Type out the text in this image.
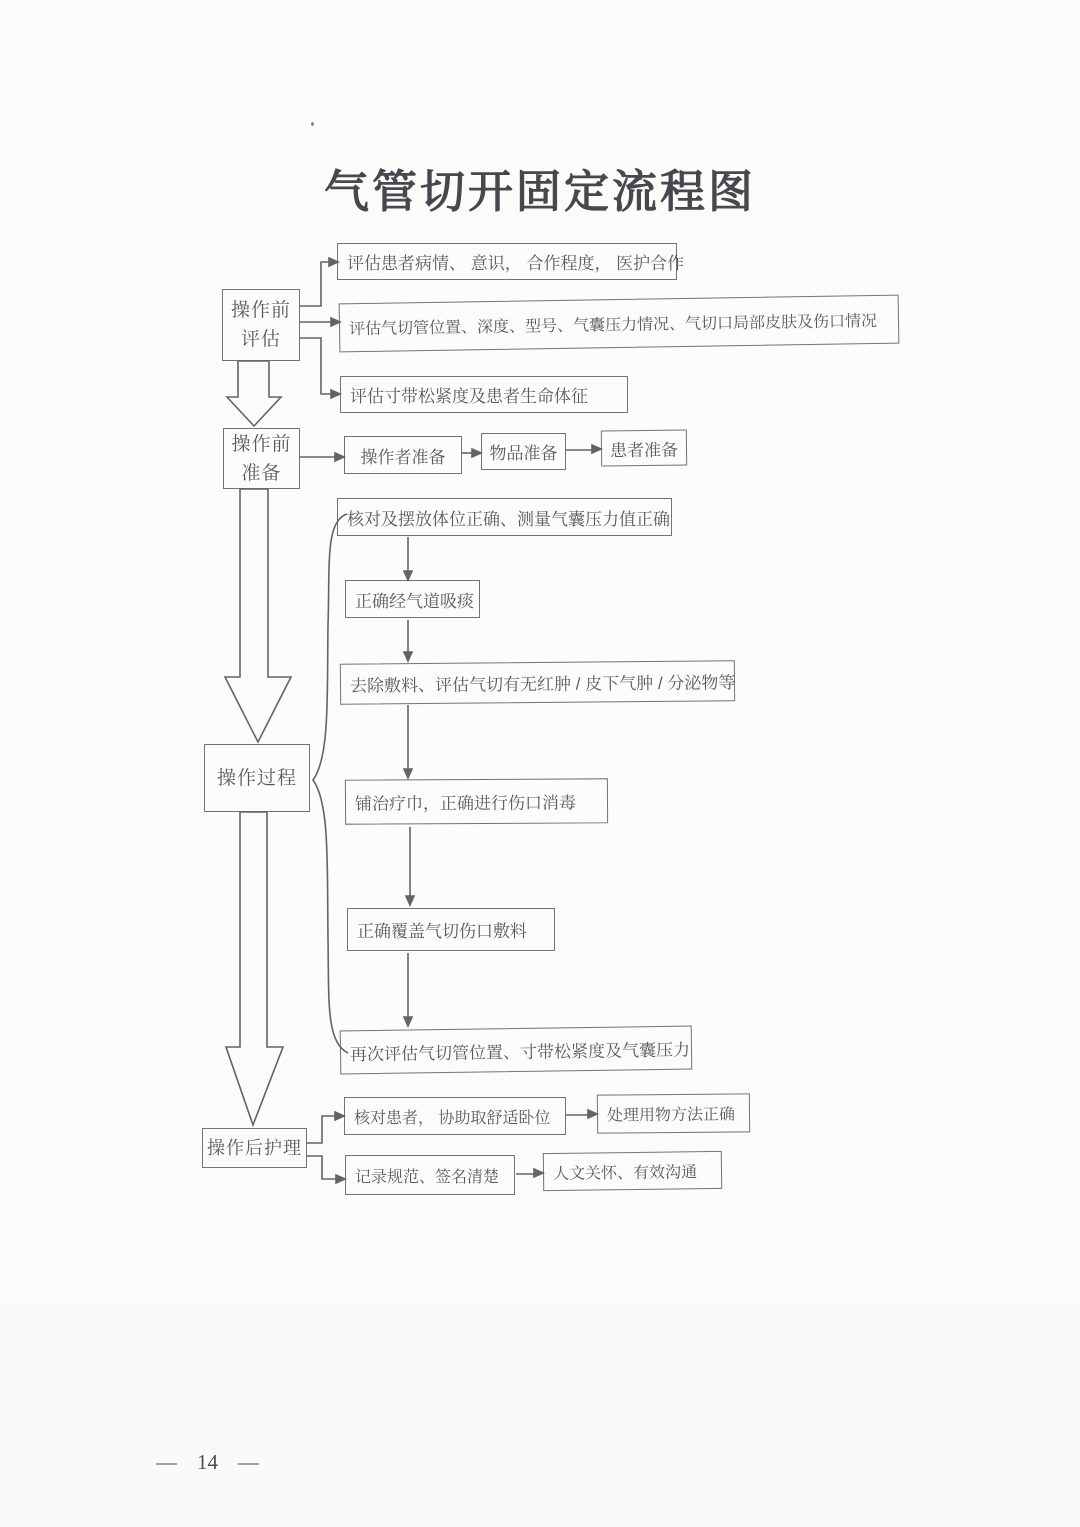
气管切开固定流程图
操作前
评估
操作前
准备
操作过程
操作后护理
评估患者病情、 意识， 合作程度， 医护合作
评估气切管位置、深度、型号、气囊压力情况、气切口局部皮肤及伤口情况
评估寸带松紧度及患者生命体征
操作者准备	物品准备	患者准备
核对及摆放体位正确、测量气囊压力值正确
正确经气道吸痰
去除敷料、评估气切有无红肿 / 皮下气肿 / 分泌物等
铺治疗巾，正确进行伤口消毒
正确覆盖气切伤口敷料
再次评估气切管位置、寸带松紧度及气囊压力
核对患者， 协助取舒适卧位	处理用物方法正确
记录规范、签名清楚	人文关怀、有效沟通
— 14 —
